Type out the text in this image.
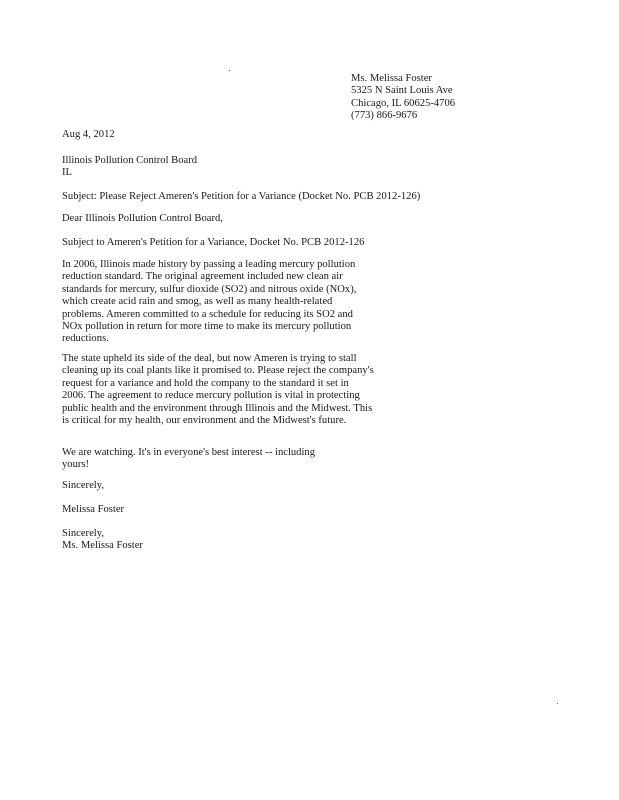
Ms. Melissa Foster
5325 N Saint Louis Ave
Chicago, IL 60625-4706
(773) 866-9676
Aug 4, 2012
Illinois Pollution Control Board
IL
Subject: Please Reject Ameren's Petition for a Variance (Docket No. PCB 2012-126)
Dear Illinois Pollution Control Board,
Subject to Ameren's Petition for a Variance, Docket No. PCB 2012-126
In 2006, Illinois made history by passing a leading mercury pollution reduction standard. The original agreement included new clean air standards for mercury, sulfur dioxide (SO2) and nitrous oxide (NOx), which create acid rain and smog, as well as many health-related problems. Ameren committed to a schedule for reducing its SO2 and NOx pollution in return for more time to make its mercury pollution reductions.
The state upheld its side of the deal, but now Ameren is trying to stall cleaning up its coal plants like it promised to. Please reject the company's request for a variance and hold the company to the standard it set in 2006. The agreement to reduce mercury pollution is vital in protecting public health and the environment through Illinois and the Midwest. This is critical for my health, our environment and the Midwest's future.
We are watching. It's in everyone's best interest -- including yours!
Sincerely,
Melissa Foster
Sincerely,
Ms. Melissa Foster
